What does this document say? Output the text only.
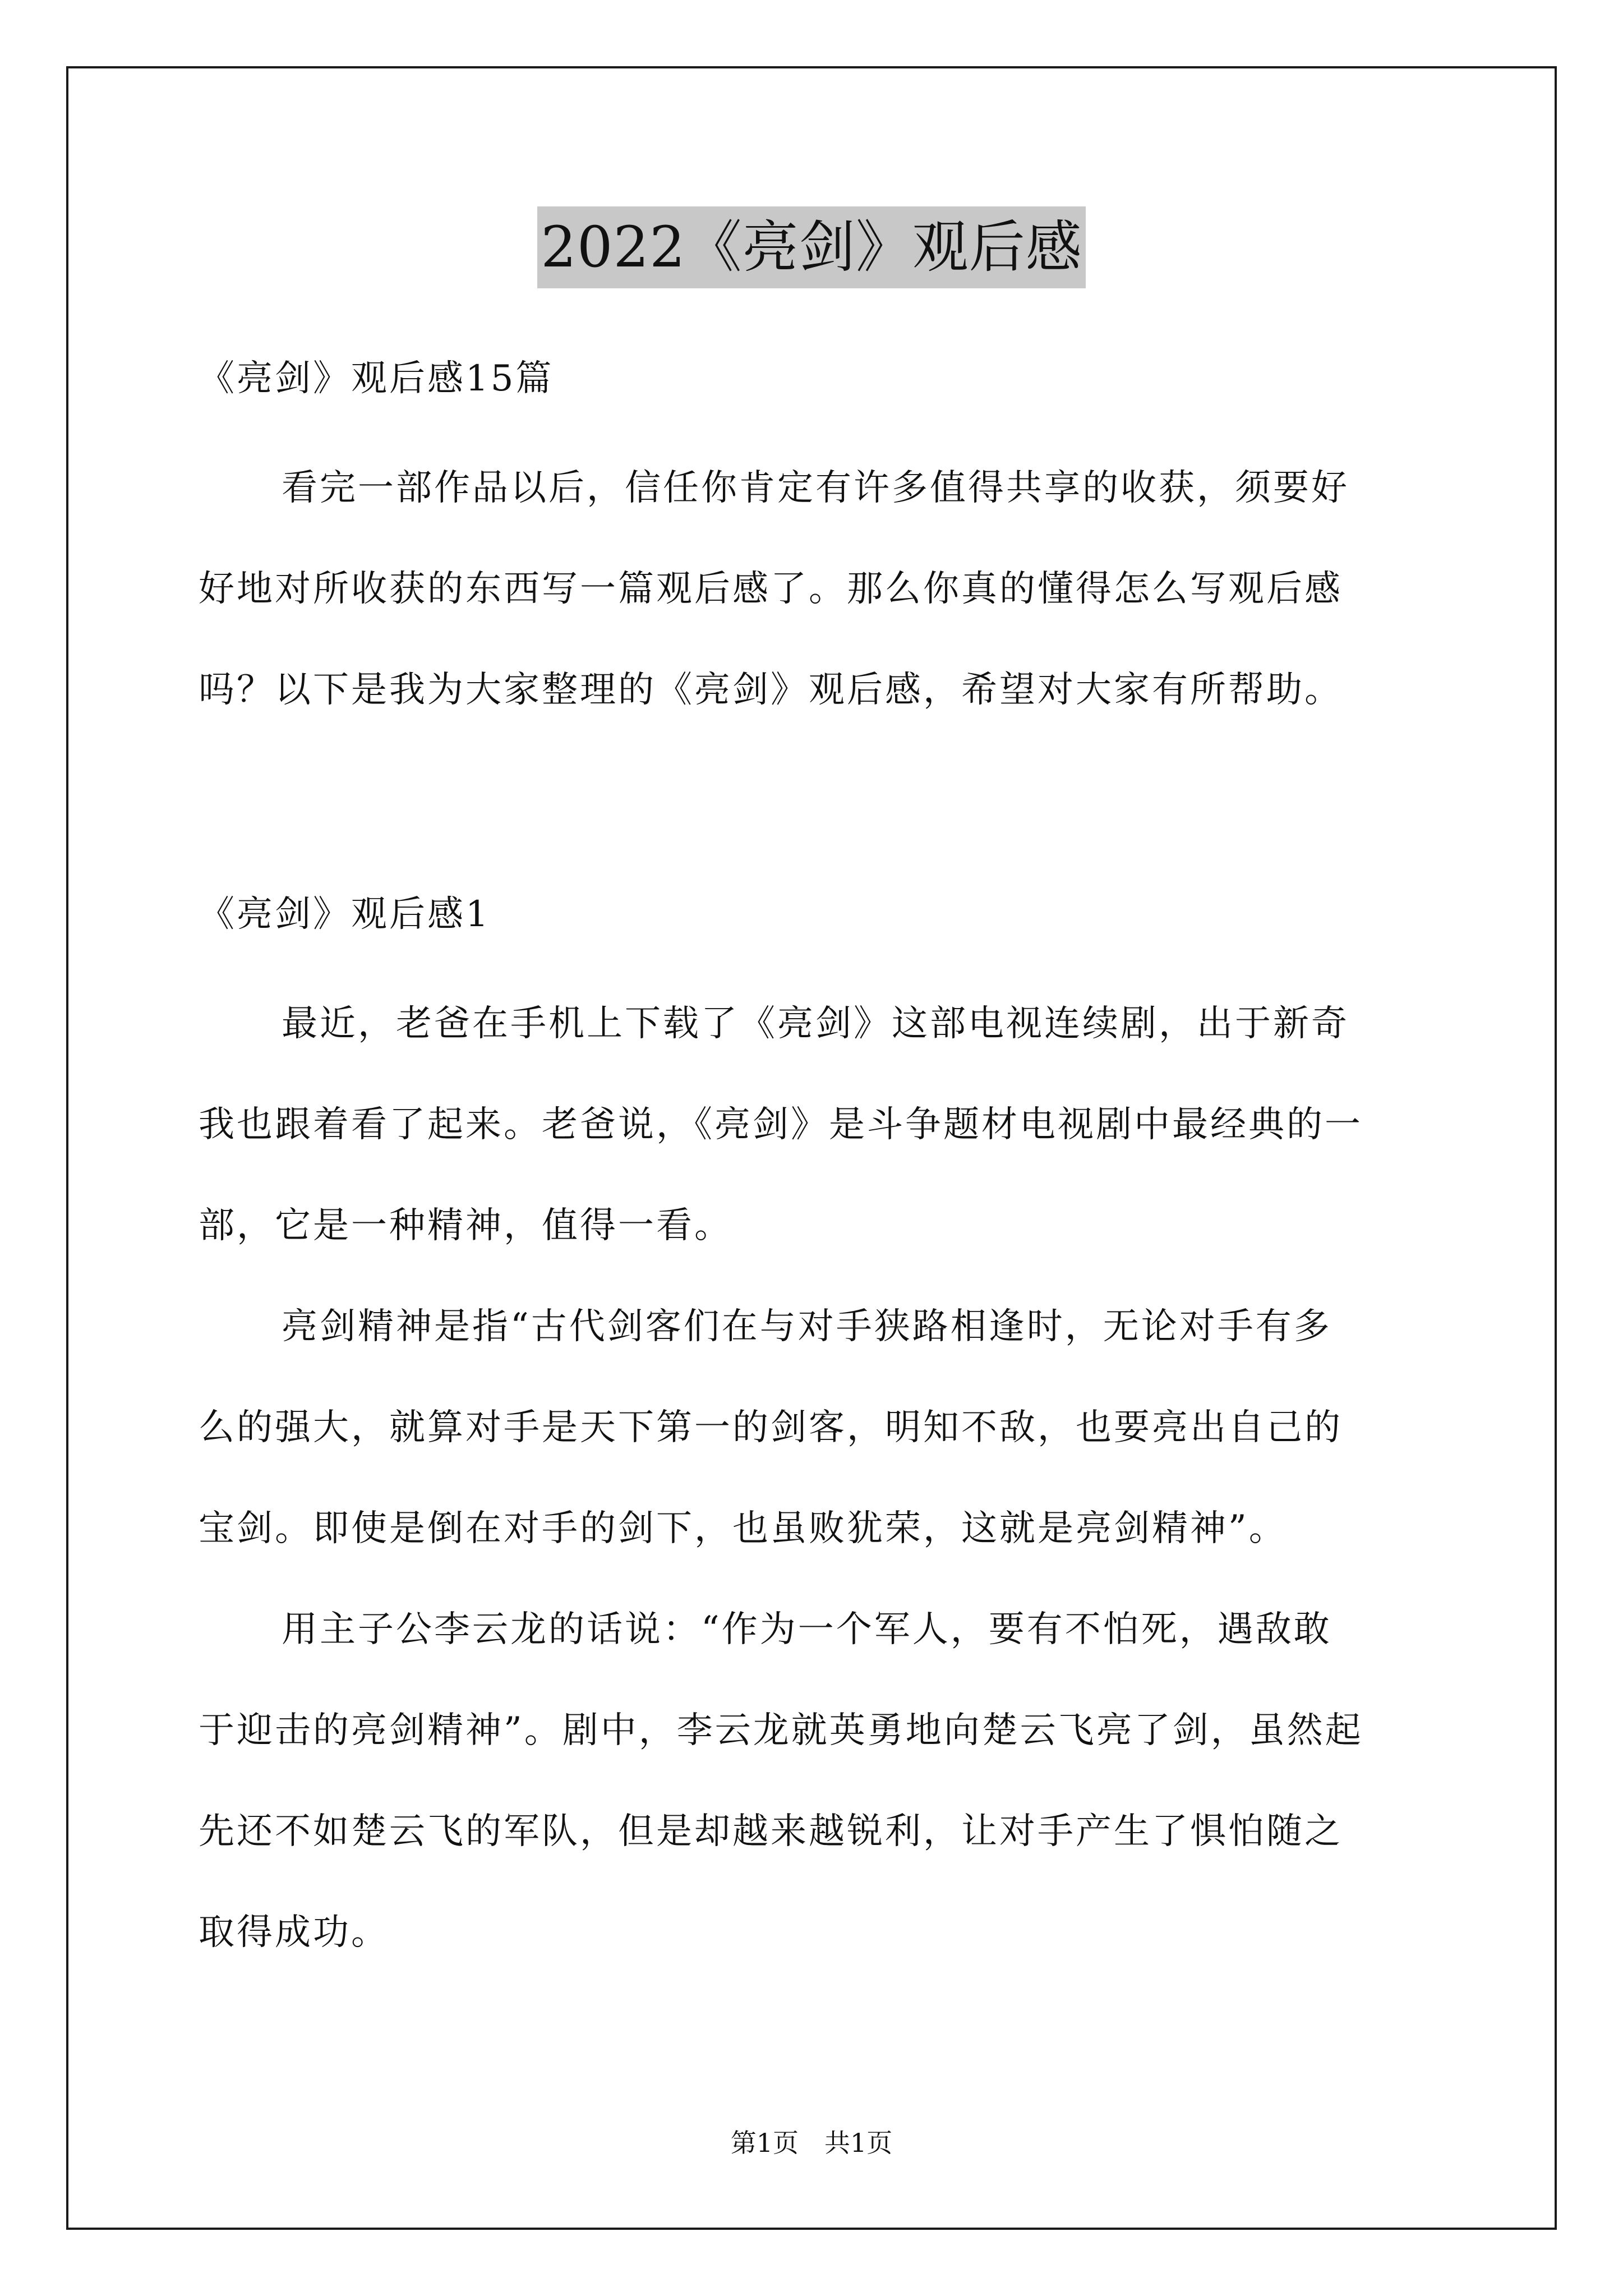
2022《亮剑》观后感
《亮剑》观后感15篇
看完一部作品以后，信任你肯定有许多值得共享的收获，须要好
好地对所收获的东西写一篇观后感了。那么你真的懂得怎么写观后感
吗？以下是我为大家整理的《亮剑》观后感，希望对大家有所帮助。
《亮剑》观后感1
最近，老爸在手机上下载了《亮剑》这部电视连续剧，出于新奇
我也跟着看了起来。老爸说，《亮剑》是斗争题材电视剧中最经典的一
部，它是一种精神，值得一看。
亮剑精神是指“古代剑客们在与对手狭路相逢时，无论对手有多
么的强大，就算对手是天下第一的剑客，明知不敌，也要亮出自己的
宝剑。即使是倒在对手的剑下，也虽败犹荣，这就是亮剑精神”。
用主子公李云龙的话说：“作为一个军人，要有不怕死，遇敌敢
于迎击的亮剑精神”。剧中，李云龙就英勇地向楚云飞亮了剑，虽然起
先还不如楚云飞的军队，但是却越来越锐利，让对手产生了惧怕随之
取得成功。
第1页　共1页
